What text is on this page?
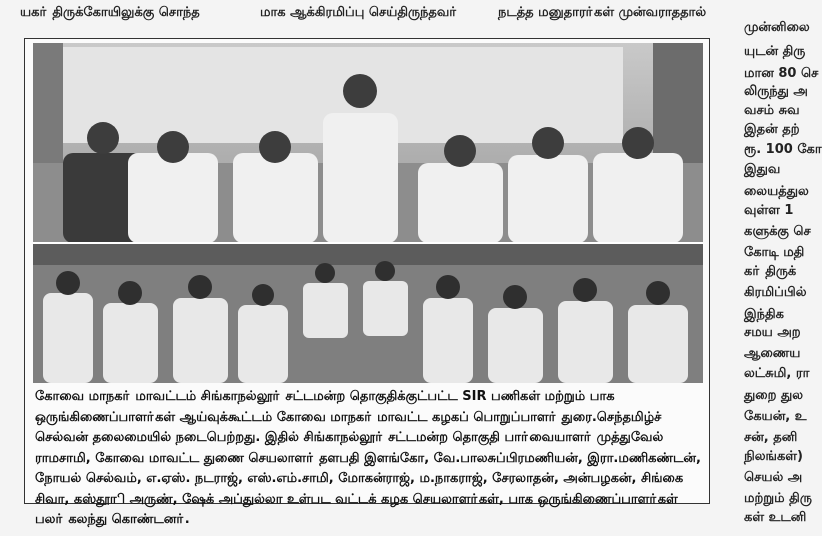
யகா் திருக்கோயிலுக்கு சொந்த	மாக ஆக்கிரமிப்பு செய்திருந்தவா்	நடத்த மனுதாரா்கள் முன்வராததால்
முன்னிலை
யுடன் திரு
மான 80 செ
லிருந்து அ
வசம் சுவ
இதன் தற்
ரூ. 100 கோ
இதுவ
லையத்துல
வுள்ள 1
களுக்கு செ
கோடி மதி
கா் திருக்
கிரமிப்பில்
இந்திக
சமய அற
ஆணைய
லட்சுமி, ரா
துறை துல
கேயன், உ
சன், தனி
நிலங்கள்)
செயல் அ
மற்றும் திரு
கள் உடனி
கோவை மாநகா் மாவட்டம் சிங்காநல்லூா் சட்டமன்ற தொகுதிக்குட்பட்ட SIR பணிகள் மற்றும் பாக ஒருங்கிணைப்பாளா்கள் ஆய்வுக்கூட்டம் கோவை மாநகா் மாவட்ட கழகப் பொறுப்பாளா் துரை.செந்தமிழ்ச் செல்வன் தலைமையில் நடைபெற்றது. இதில் சிங்காநல்லூா் சட்டமன்ற தொகுதி பாா்வையாளா் முத்துவேல் ராமசாமி, கோவை மாவட்ட துணை செயலாளா் தளபதி இளங்கோ, வே.பாலசுப்பிரமணியன், இரா.மணிகண்டன், நோயல் செல்வம், எ.ஏஸ். நடராஜ், எஸ்.எம்.சாமி, மோகன்ராஜ், ம.நாகராஜ், சேரலாதன், அன்பழகன், சிங்கை சிவா, கஸ்தூாி அருண், ஷேக் அப்துல்லா உள்பட வட்டக் கழக செயலாளா்கள், பாக ஒருங்கிணைப்பாளா்கள் பலா் கலந்து கொண்டனா்.
